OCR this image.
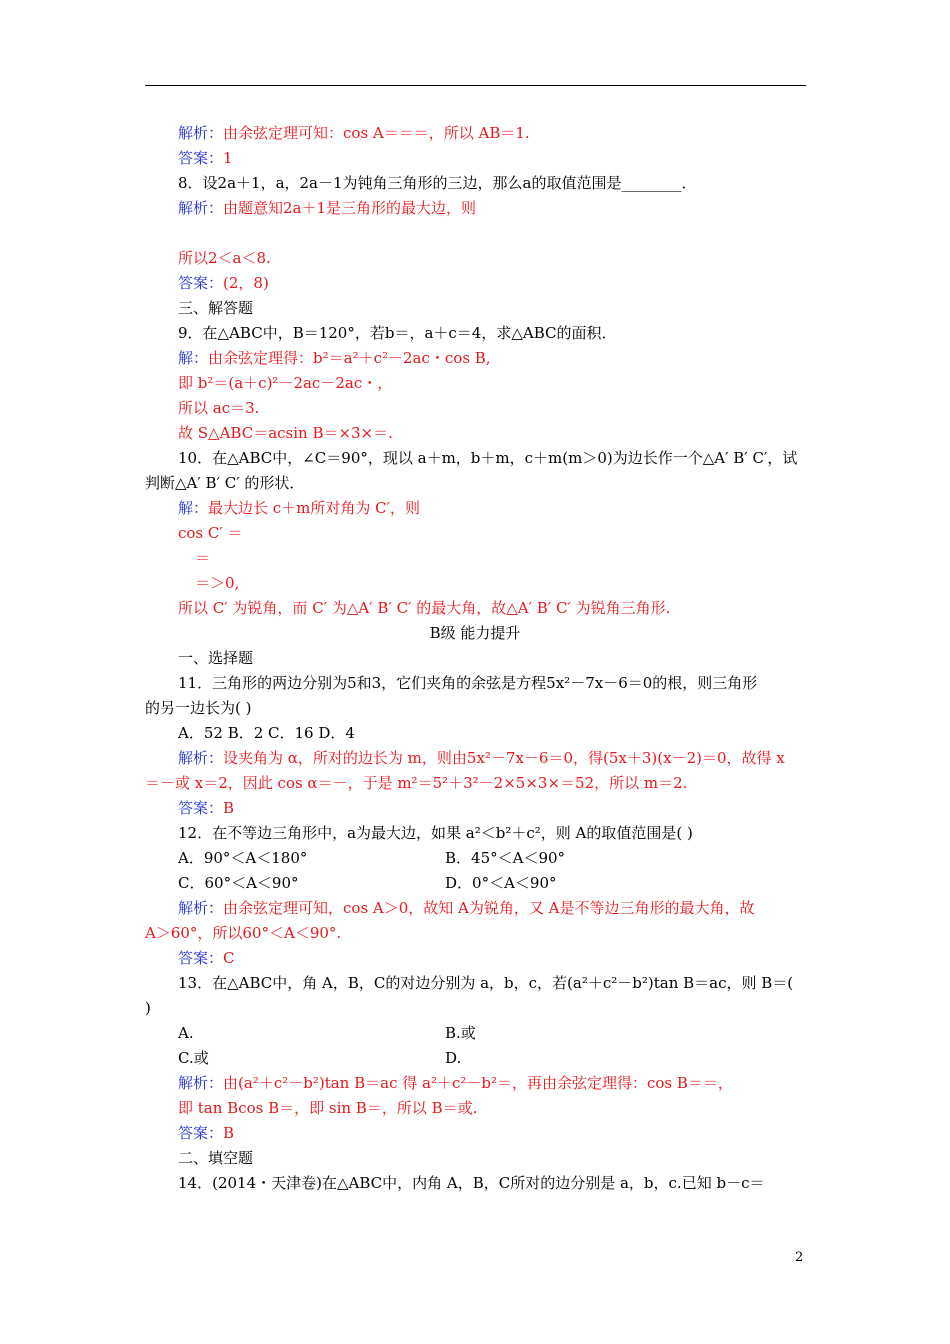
解析：由余弦定理可知：cos A＝＝＝，所以 AB＝1.
答案：1
8．设2a＋1，a，2a－1为钝角三角形的三边，那么a的取值范围是________．
解析：由题意知2a＋1是三角形的最大边，则
所以2＜a＜8.
答案：(2，8)
三、解答题
9．在△ABC中，B＝120°，若b＝，a＋c＝4，求△ABC的面积．
解：由余弦定理得：b²＝a²＋c²－2ac・cos B,
即 b²＝(a＋c)²－2ac－2ac・，
所以 ac＝3.
故 S△ABC＝acsin B＝×3×＝.
10．在△ABC中，∠C＝90°，现以 a＋m，b＋m，c＋m(m＞0)为边长作一个△A′ B′ C′，试
判断△A′ B′ C′ 的形状．
解：最大边长 c＋m所对角为 C′，则
cos C′ ＝
＝
＝＞0,
所以 C′ 为锐角，而 C′ 为△A′ B′ C′ 的最大角，故△A′ B′ C′ 为锐角三角形.
B级 能力提升
一、选择题
11．三角形的两边分别为5和3，它们夹角的余弦是方程5x²－7x－6＝0的根，则三角形
的另一边长为( )
A．52 B．2 C．16 D．4
解析：设夹角为 α，所对的边长为 m，则由5x²－7x－6＝0，得(5x＋3)(x－2)＝0，故得 x
＝－或 x＝2，因此 cos α＝－，于是 m²＝5²＋3²－2×5×3×＝52，所以 m＝2.
答案：B
12．在不等边三角形中，a为最大边，如果 a²＜b²＋c²，则 A的取值范围是( )
A．90°＜A＜180°	B．45°＜A＜90°
C．60°＜A＜90°	D．0°＜A＜90°
解析：由余弦定理可知，cos A＞0，故知 A为锐角，又 A是不等边三角形的最大角，故
A＞60°，所以60°＜A＜90°.
答案：C
13．在△ABC中，角 A，B，C的对边分别为 a，b，c，若(a²＋c²－b²)tan B＝ac，则 B＝(
)
A.	B.或
C.或	D.
解析：由(a²＋c²－b²)tan B＝ac 得 a²＋c²－b²＝，再由余弦定理得：cos B＝＝，
即 tan Bcos B＝，即 sin B＝，所以 B＝或.
答案：B
二、填空题
14．(2014・天津卷)在△ABC中，内角 A，B，C所对的边分别是 a，b，c.已知 b－c＝
2
